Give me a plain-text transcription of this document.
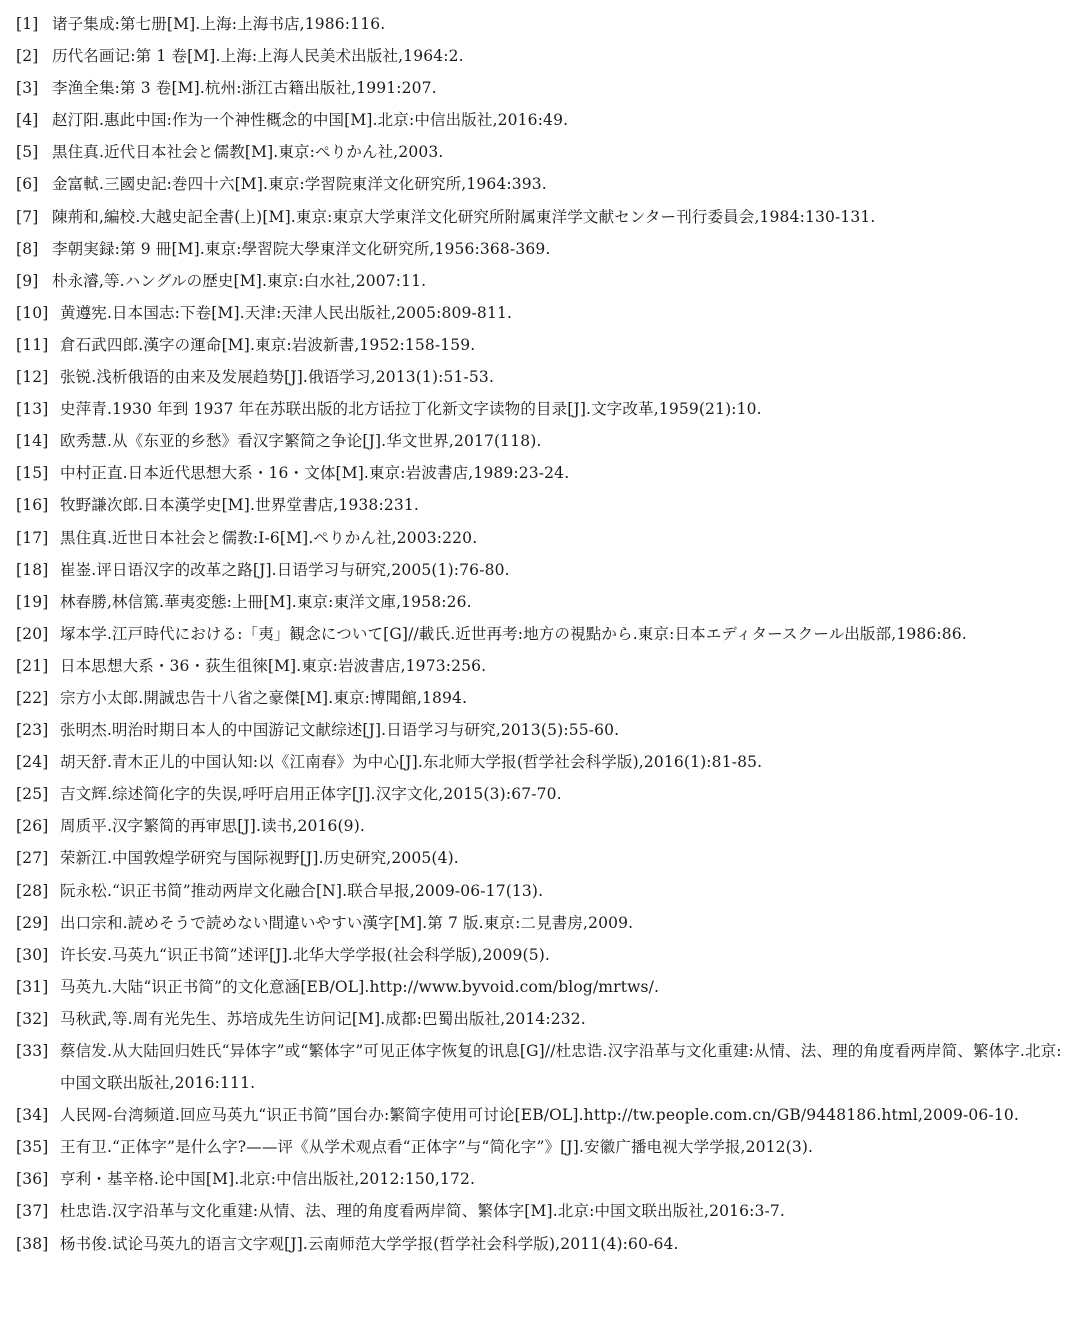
[1] 诸子集成:第七册[M].上海:上海书店,1986:116.
[2] 历代名画记:第 1 卷[M].上海:上海人民美术出版社,1964:2.
[3] 李渔全集:第 3 卷[M].杭州:浙江古籍出版社,1991:207.
[4] 赵汀阳.惠此中国:作为一个神性概念的中国[M].北京:中信出版社,2016:49.
[5] 黒住真.近代日本社会と儒教[M].東京:ぺりかん社,2003.
[6] 金富軾.三國史記:巻四十六[M].東京:学習院東洋文化研究所,1964:393.
[7] 陳荊和,編校.大越史記全書(上)[M].東京:東京大学東洋文化研究所附属東洋学文献センター刊行委員会,1984:130-131.
[8] 李朝実録:第 9 冊[M].東京:學習院大學東洋文化研究所,1956:368-369.
[9] 朴永濬,等.ハングルの歴史[M].東京:白水社,2007:11.
[10] 黄遵宪.日本国志:下卷[M].天津:天津人民出版社,2005:809-811.
[11] 倉石武四郎.漢字の運命[M].東京:岩波新書,1952:158-159.
[12] 张锐.浅析俄语的由来及发展趋势[J].俄语学习,2013(1):51-53.
[13] 史萍青.1930 年到 1937 年在苏联出版的北方话拉丁化新文字读物的目录[J].文字改革,1959(21):10.
[14] 欧秀慧.从《东亚的乡愁》看汉字繁简之争论[J].华文世界,2017(118).
[15] 中村正直.日本近代思想大系・16・文体[M].東京:岩波書店,1989:23-24.
[16] 牧野謙次郎.日本漢学史[M].世界堂書店,1938:231.
[17] 黒住真.近世日本社会と儒教:Ⅰ-6[M].ぺりかん社,2003:220.
[18] 崔崟.评日语汉字的改革之路[J].日语学习与研究,2005(1):76-80.
[19] 林春勝,林信篤.華夷変態:上冊[M].東京:東洋文庫,1958:26.
[20] 塚本学.江戸時代における:「夷」観念について[G]//載氏.近世再考:地方の視點から.東京:日本エディタースクール出版部,1986:86.
[21] 日本思想大系・36・荻生徂徠[M].東京:岩波書店,1973:256.
[22] 宗方小太郎.開誠忠告十八省之豪傑[M].東京:博聞館,1894.
[23] 张明杰.明治时期日本人的中国游记文献综述[J].日语学习与研究,2013(5):55-60.
[24] 胡天舒.青木正儿的中国认知:以《江南春》为中心[J].东北师大学报(哲学社会科学版),2016(1):81-85.
[25] 吉文辉.综述简化字的失误,呼吁启用正体字[J].汉字文化,2015(3):67-70.
[26] 周质平.汉字繁简的再审思[J].读书,2016(9).
[27] 荣新江.中国敦煌学研究与国际视野[J].历史研究,2005(4).
[28] 阮永松.“识正书简”推动两岸文化融合[N].联合早报,2009-06-17(13).
[29] 出口宗和.読めそうで読めない間違いやすい漢字[M].第 7 版.東京:二見書房,2009.
[30] 许长安.马英九“识正书简”述评[J].北华大学学报(社会科学版),2009(5).
[31] 马英九.大陆“识正书简”的文化意涵[EB/OL].http://www.byvoid.com/blog/mrtws/.
[32] 马秋武,等.周有光先生、苏培成先生访问记[M].成都:巴蜀出版社,2014:232.
[33] 蔡信发.从大陆回归姓氏“异体字”或“繁体字”可见正体字恢复的讯息[G]//杜忠诰.汉字沿革与文化重建:从情、法、理的角度看两岸简、繁体字.北京:中国文联出版社,2016:111.
[34] 人民网-台湾频道.回应马英九“识正书简”国台办:繁简字使用可讨论[EB/OL].http://tw.people.com.cn/GB/9448186.html,2009-06-10.
[35] 王有卫.“正体字”是什么字?——评《从学术观点看“正体字”与“简化字”》[J].安徽广播电视大学学报,2012(3).
[36] 亨利・基辛格.论中国[M].北京:中信出版社,2012:150,172.
[37] 杜忠诰.汉字沿革与文化重建:从情、法、理的角度看两岸简、繁体字[M].北京:中国文联出版社,2016:3-7.
[38] 杨书俊.试论马英九的语言文字观[J].云南师范大学学报(哲学社会科学版),2011(4):60-64.
